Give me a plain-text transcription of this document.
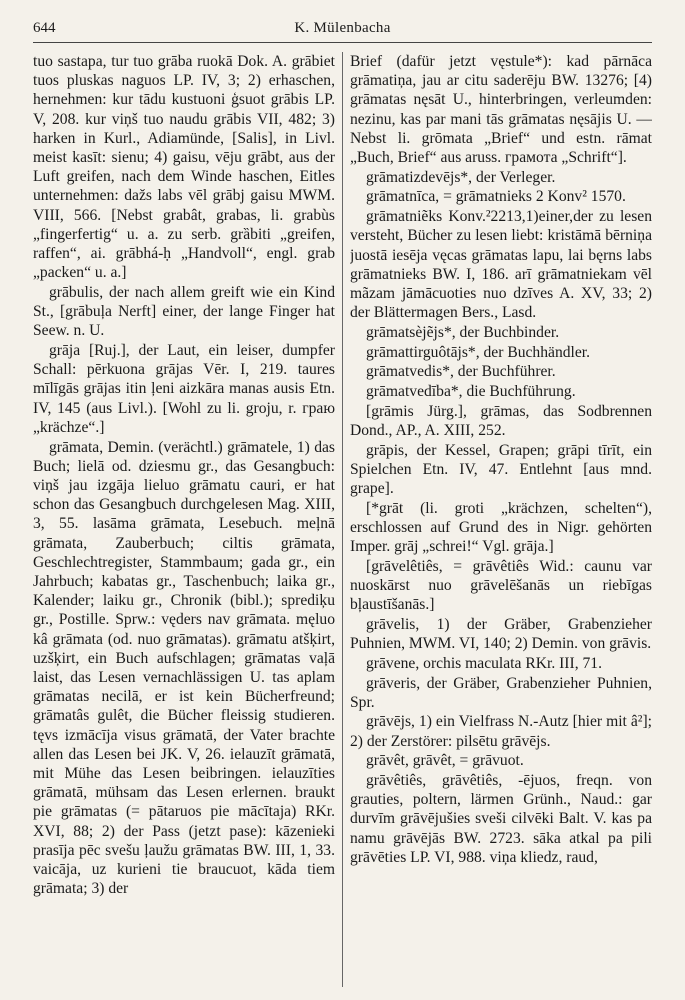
644	K. Mülenbacha

tuo sastapa, tur tuo grāba ruokā Dok. A. grābiet tuos pluskas naguos LP. IV, 3; 2) erhaschen, hernehmen: kur tādu kustuoni ģsuot grābis LP. V, 208. kur viņš tuo naudu grābis VII, 482; 3) harken in Kurl., Adiamünde, [Salis], in Livl. meist kasīt: sienu; 4) gaisu, vēju grābt, aus der Luft greifen, nach dem Winde haschen, Eitles unternehmen: dažs labs vēl grābj gaisu MWM. VIII, 566. [Nebst grabât, grabas, li. grabùs „fingerfertig“ u. a. zu serb. grȁbiti „greifen, raffen“, ai. grābhá-ḥ „Handvoll“, engl. grab „packen“ u. a.]

grābulis, der nach allem greift wie ein Kind St., [grābuļa Nerft] einer, der lange Finger hat Seew. n. U.

grāja [Ruj.], der Laut, ein leiser, dumpfer Schall: pērkuona grājas Vēr. I, 219. taures mīlīgās grājas itin ļeni aizkāra manas ausis Etn. IV, 145 (aus Livl.). [Wohl zu li. groju, r. граю „krächze“.]

grāmata, Demin. (verächtl.) grāmatele, 1) das Buch; lielā od. dziesmu gr., das Gesangbuch: viņš jau izgāja lieluo grāmatu cauri, er hat schon das Gesangbuch durchgelesen Mag. XIII, 3, 55. lasāma grāmata, Lesebuch. meļnā grāmata, Zauberbuch; ciltis grāmata, Geschlechtregister, Stammbaum; gada gr., ein Jahrbuch; kabatas gr., Taschenbuch; laika gr., Kalender; laiku gr., Chronik (bibl.); sprediķu gr., Postille. Sprw.: vęders nav grāmata. męluo kâ grāmata (od. nuo grāmatas). grāmatu atšķirt, uzšķirt, ein Buch aufschlagen; grāmatas vaļā laist, das Lesen vernachlässigen U. tas aplam grāmatas necilā, er ist kein Bücherfreund; grāmatâs gulêt, die Bücher fleissig studieren. tęvs izmācīja visus grāmatā, der Vater brachte allen das Lesen bei JK. V, 26. ielauzīt grāmatā, mit Mühe das Lesen beibringen. ielauzīties grāmatā, mühsam das Lesen erlernen. braukt pie grāmatas (= pātaruos pie mācītaja) RKr. XVI, 88; 2) der Pass (jetzt pase): kāzenieki prasīja pēc svešu ļaužu grāmatas BW. III, 1, 33. vaicāja, uz kurieni tie braucuot, kāda tiem grāmata; 3) der

Brief (dafür jetzt vęstule*): kad pārnāca grāmatiņa, jau ar citu saderēju BW. 13276; [4) grāmatas nęsāt U., hinterbringen, verleumden: nezinu, kas par mani tās grāmatas nęsājis U. — Nebst li. grōmata „Brief“ und estn. rāmat „Buch, Brief“ aus aruss. грамота „Schrift“].

grāmatizdevējs*, der Verleger.

grāmatnīca, = grāmatnieks 2 Konv² 1570.

grāmatniẽks Konv.²2213,1)einer,der zu lesen versteht, Bücher zu lesen liebt: kristāmā bērniņa juostā iesēja vęcas grāmatas lapu, lai bęrns labs grāmatnieks BW. I, 186. arī grāmatniekam vēl mãzam jāmācuoties nuo dzīves A. XV, 33; 2) der Blättermagen Bers., Lasd.

grāmatsèjẽjs*, der Buchbinder.

grāmattirguôtājs*, der Buchhändler.

grāmatvedis*, der Buchführer.

grāmatvedība*, die Buchführung.

[grāmis Jürg.], grāmas, das Sodbrennen Dond., AP., A. XIII, 252.

grāpis, der Kessel, Grapen; grāpi tīrīt, ein Spielchen Etn. IV, 47. Entlehnt [aus mnd. grape].

[*grāt (li. groti „krächzen, schelten“), erschlossen auf Grund des in Nigr. gehörten Imper. grāj „schrei!“ Vgl. grāja.]

[grāvelêtiês, = grāvêtiês Wid.: caunu var nuoskārst nuo grāvelēšanās un riebīgas bļaustīšanās.]

grāvelis, 1) der Gräber, Grabenzieher Puhnien, MWM. VI, 140; 2) Demin. von grāvis.

grāvene, orchis maculata RKr. III, 71.

grāveris, der Gräber, Grabenzieher Puhnien, Spr.

grāvējs, 1) ein Vielfrass N.-Autz [hier mit â²]; 2) der Zerstörer: pilsētu grāvējs.

grāvêt, grāvêt, = grāvuot.

grāvêtiês, grāvêtiês, -ējuos, freqn. von grauties, poltern, lärmen Grünh., Naud.: gar durvīm grāvējušies sveši cilvēki Balt. V. kas pa namu grāvējās BW. 2723. sāka atkal pa pili grāvēties LP. VI, 988. viņa kliedz, raud,
